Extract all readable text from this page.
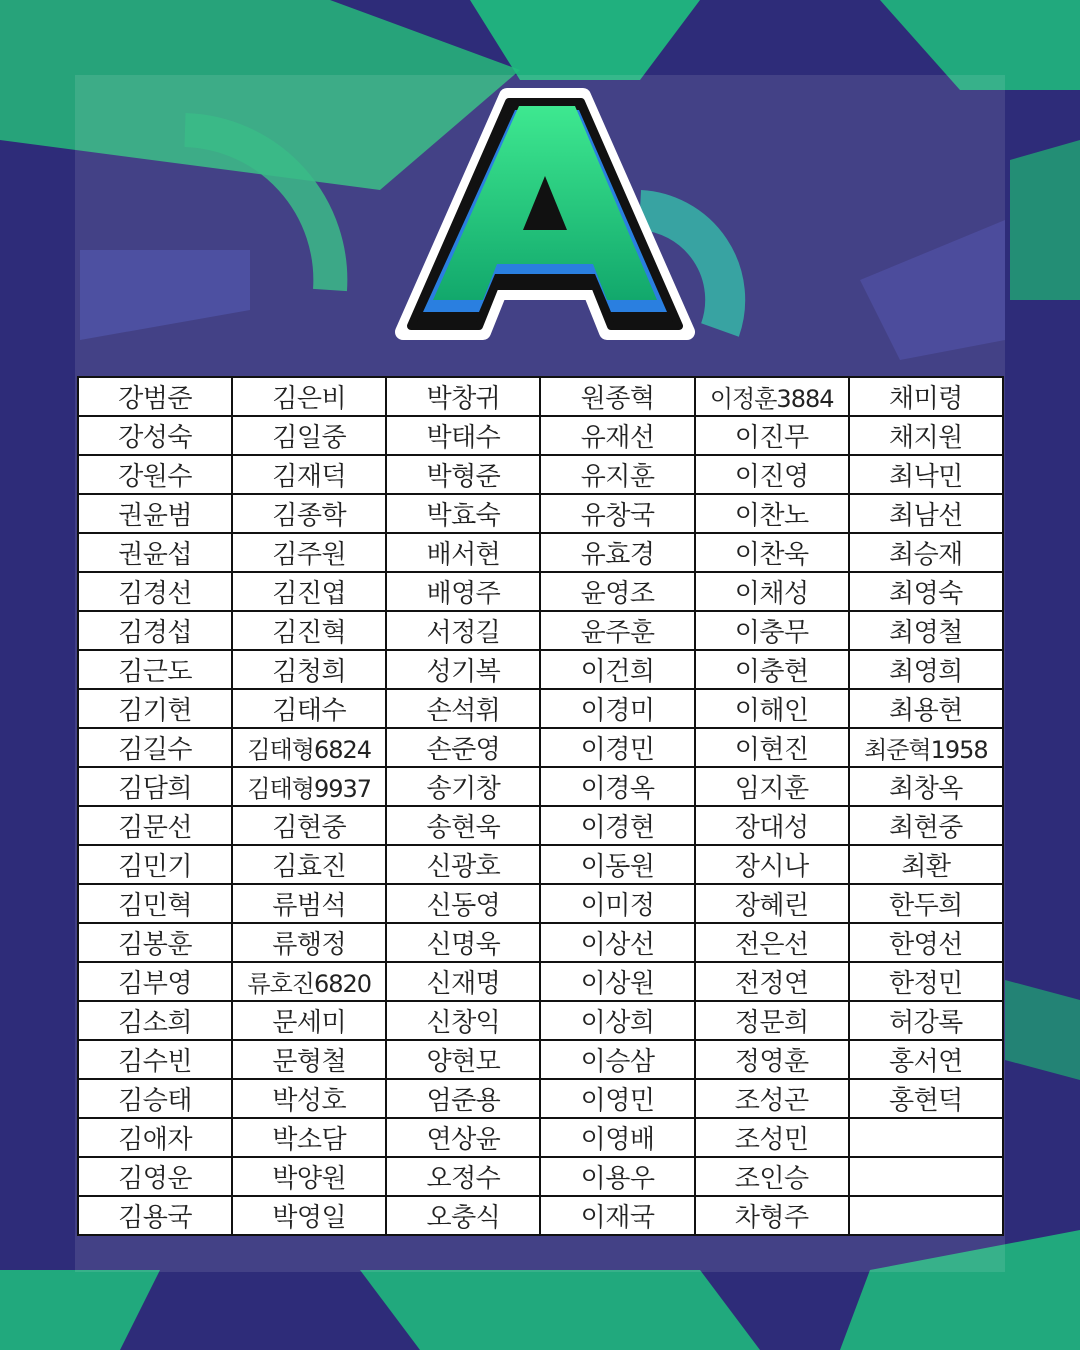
강범준	김은비	박창귀	원종혁	이정훈3884	채미령
강성숙	김일중	박태수	유재선	이진무	채지원
강원수	김재덕	박형준	유지훈	이진영	최낙민
권윤범	김종학	박효숙	유창국	이찬노	최남선
권윤섭	김주원	배서현	유효경	이찬욱	최승재
김경선	김진엽	배영주	윤영조	이채성	최영숙
김경섭	김진혁	서정길	윤주훈	이충무	최영철
김근도	김청희	성기복	이건희	이충현	최영희
김기현	김태수	손석휘	이경미	이해인	최용현
김길수	김태형6824	손준영	이경민	이현진	최준혁1958
김담희	김태형9937	송기창	이경옥	임지훈	최창옥
김문선	김현중	송현욱	이경현	장대성	최현중
김민기	김효진	신광호	이동원	장시나	최환
김민혁	류범석	신동영	이미정	장혜린	한두희
김봉훈	류행정	신명욱	이상선	전은선	한영선
김부영	류호진6820	신재명	이상원	전정연	한정민
김소희	문세미	신창익	이상희	정문희	허강록
김수빈	문형철	양현모	이승삼	정영훈	홍서연
김승태	박성호	엄준용	이영민	조성곤	홍현덕
김애자	박소담	연상윤	이영배	조성민	
김영운	박양원	오정수	이용우	조인승	
김용국	박영일	오충식	이재국	차형주	
